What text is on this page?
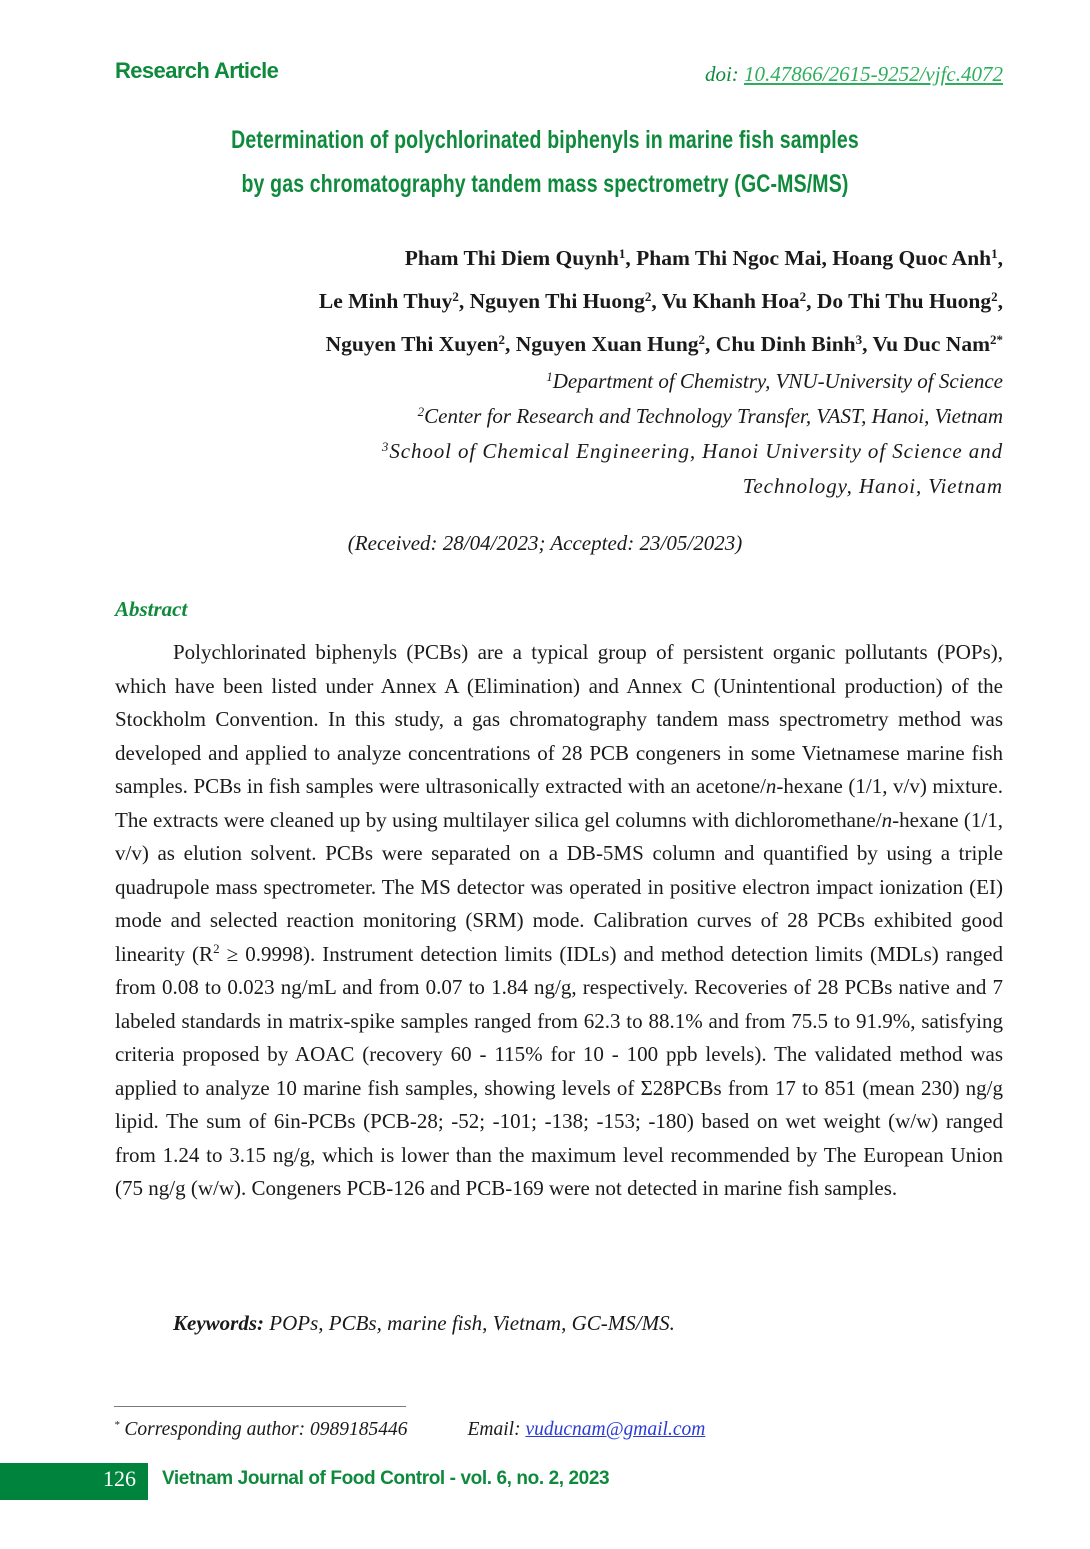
Research Article	doi: 10.47866/2615-9252/vjfc.4072
Determination of polychlorinated biphenyls in marine fish samples
by gas chromatography tandem mass spectrometry (GC-MS/MS)
Pham Thi Diem Quynh$^1$, Pham Thi Ngoc Mai, Hoang Quoc Anh$^1$,
Le Minh Thuy$^2$, Nguyen Thi Huong$^2$, Vu Khanh Hoa$^2$, Do Thi Thu Huong$^2$,
Nguyen Thi Xuyen$^2$, Nguyen Xuan Hung$^2$, Chu Dinh Binh$^3$, Vu Duc Nam$^{2*}$
$^1$Department of Chemistry, VNU-University of Science
$^2$Center for Research and Technology Transfer, VAST, Hanoi, Vietnam
$^3$School of Chemical Engineering, Hanoi University of Science and
Technology, Hanoi, Vietnam
(Received: 28/04/2023; Accepted: 23/05/2023)
Abstract

Polychlorinated biphenyls (PCBs) are a typical group of persistent organic pollutants (POPs), which have been listed under Annex A (Elimination) and Annex C (Unintentional production) of the Stockholm Convention. In this study, a gas chromatography tandem mass spectrometry method was developed and applied to analyze concentrations of 28 PCB congeners in some Vietnamese marine fish samples. PCBs in fish samples were ultrasonically extracted with an acetone/n-hexane (1/1, v/v) mixture. The extracts were cleaned up by using multilayer silica gel columns with dichloromethane/n-hexane (1/1, v/v) as elution solvent. PCBs were separated on a DB-5MS column and quantified by using a triple quadrupole mass spectrometer. The MS detector was operated in positive electron impact ionization (EI) mode and selected reaction monitoring (SRM) mode. Calibration curves of 28 PCBs exhibited good linearity $(R^2 \ge 0.9998)$. Instrument detection limits (IDLs) and method detection limits (MDLs) ranged from 0.08 to 0.023 ng/mL and from 0.07 to 1.84 ng/g, respectively. Recoveries of 28 PCBs native and 7 labeled standards in matrix-spike samples ranged from 62.3 to 88.1% and from 75.5 to 91.9%, satisfying criteria proposed by AOAC (recovery 60 - 115% for 10 - 100 ppb levels). The validated method was applied to analyze 10 marine fish samples, showing levels of Σ28PCBs from 17 to 851 (mean 230) ng/g lipid. The sum of 6in-PCBs (PCB-28; -52; -101; -138; -153; -180) based on wet weight (w/w) ranged from 1.24 to 3.15 ng/g, which is lower than the maximum level recommended by The European Union (75 ng/g (w/w). Congeners PCB-126 and PCB-169 were not detected in marine fish samples.

Keywords: POPs, PCBs, marine fish, Vietnam, GC-MS/MS.
* Corresponding author: 0989185446	Email: vuducnam@gmail.com
126 Vietnam Journal of Food Control - vol. 6, no. 2, 2023
